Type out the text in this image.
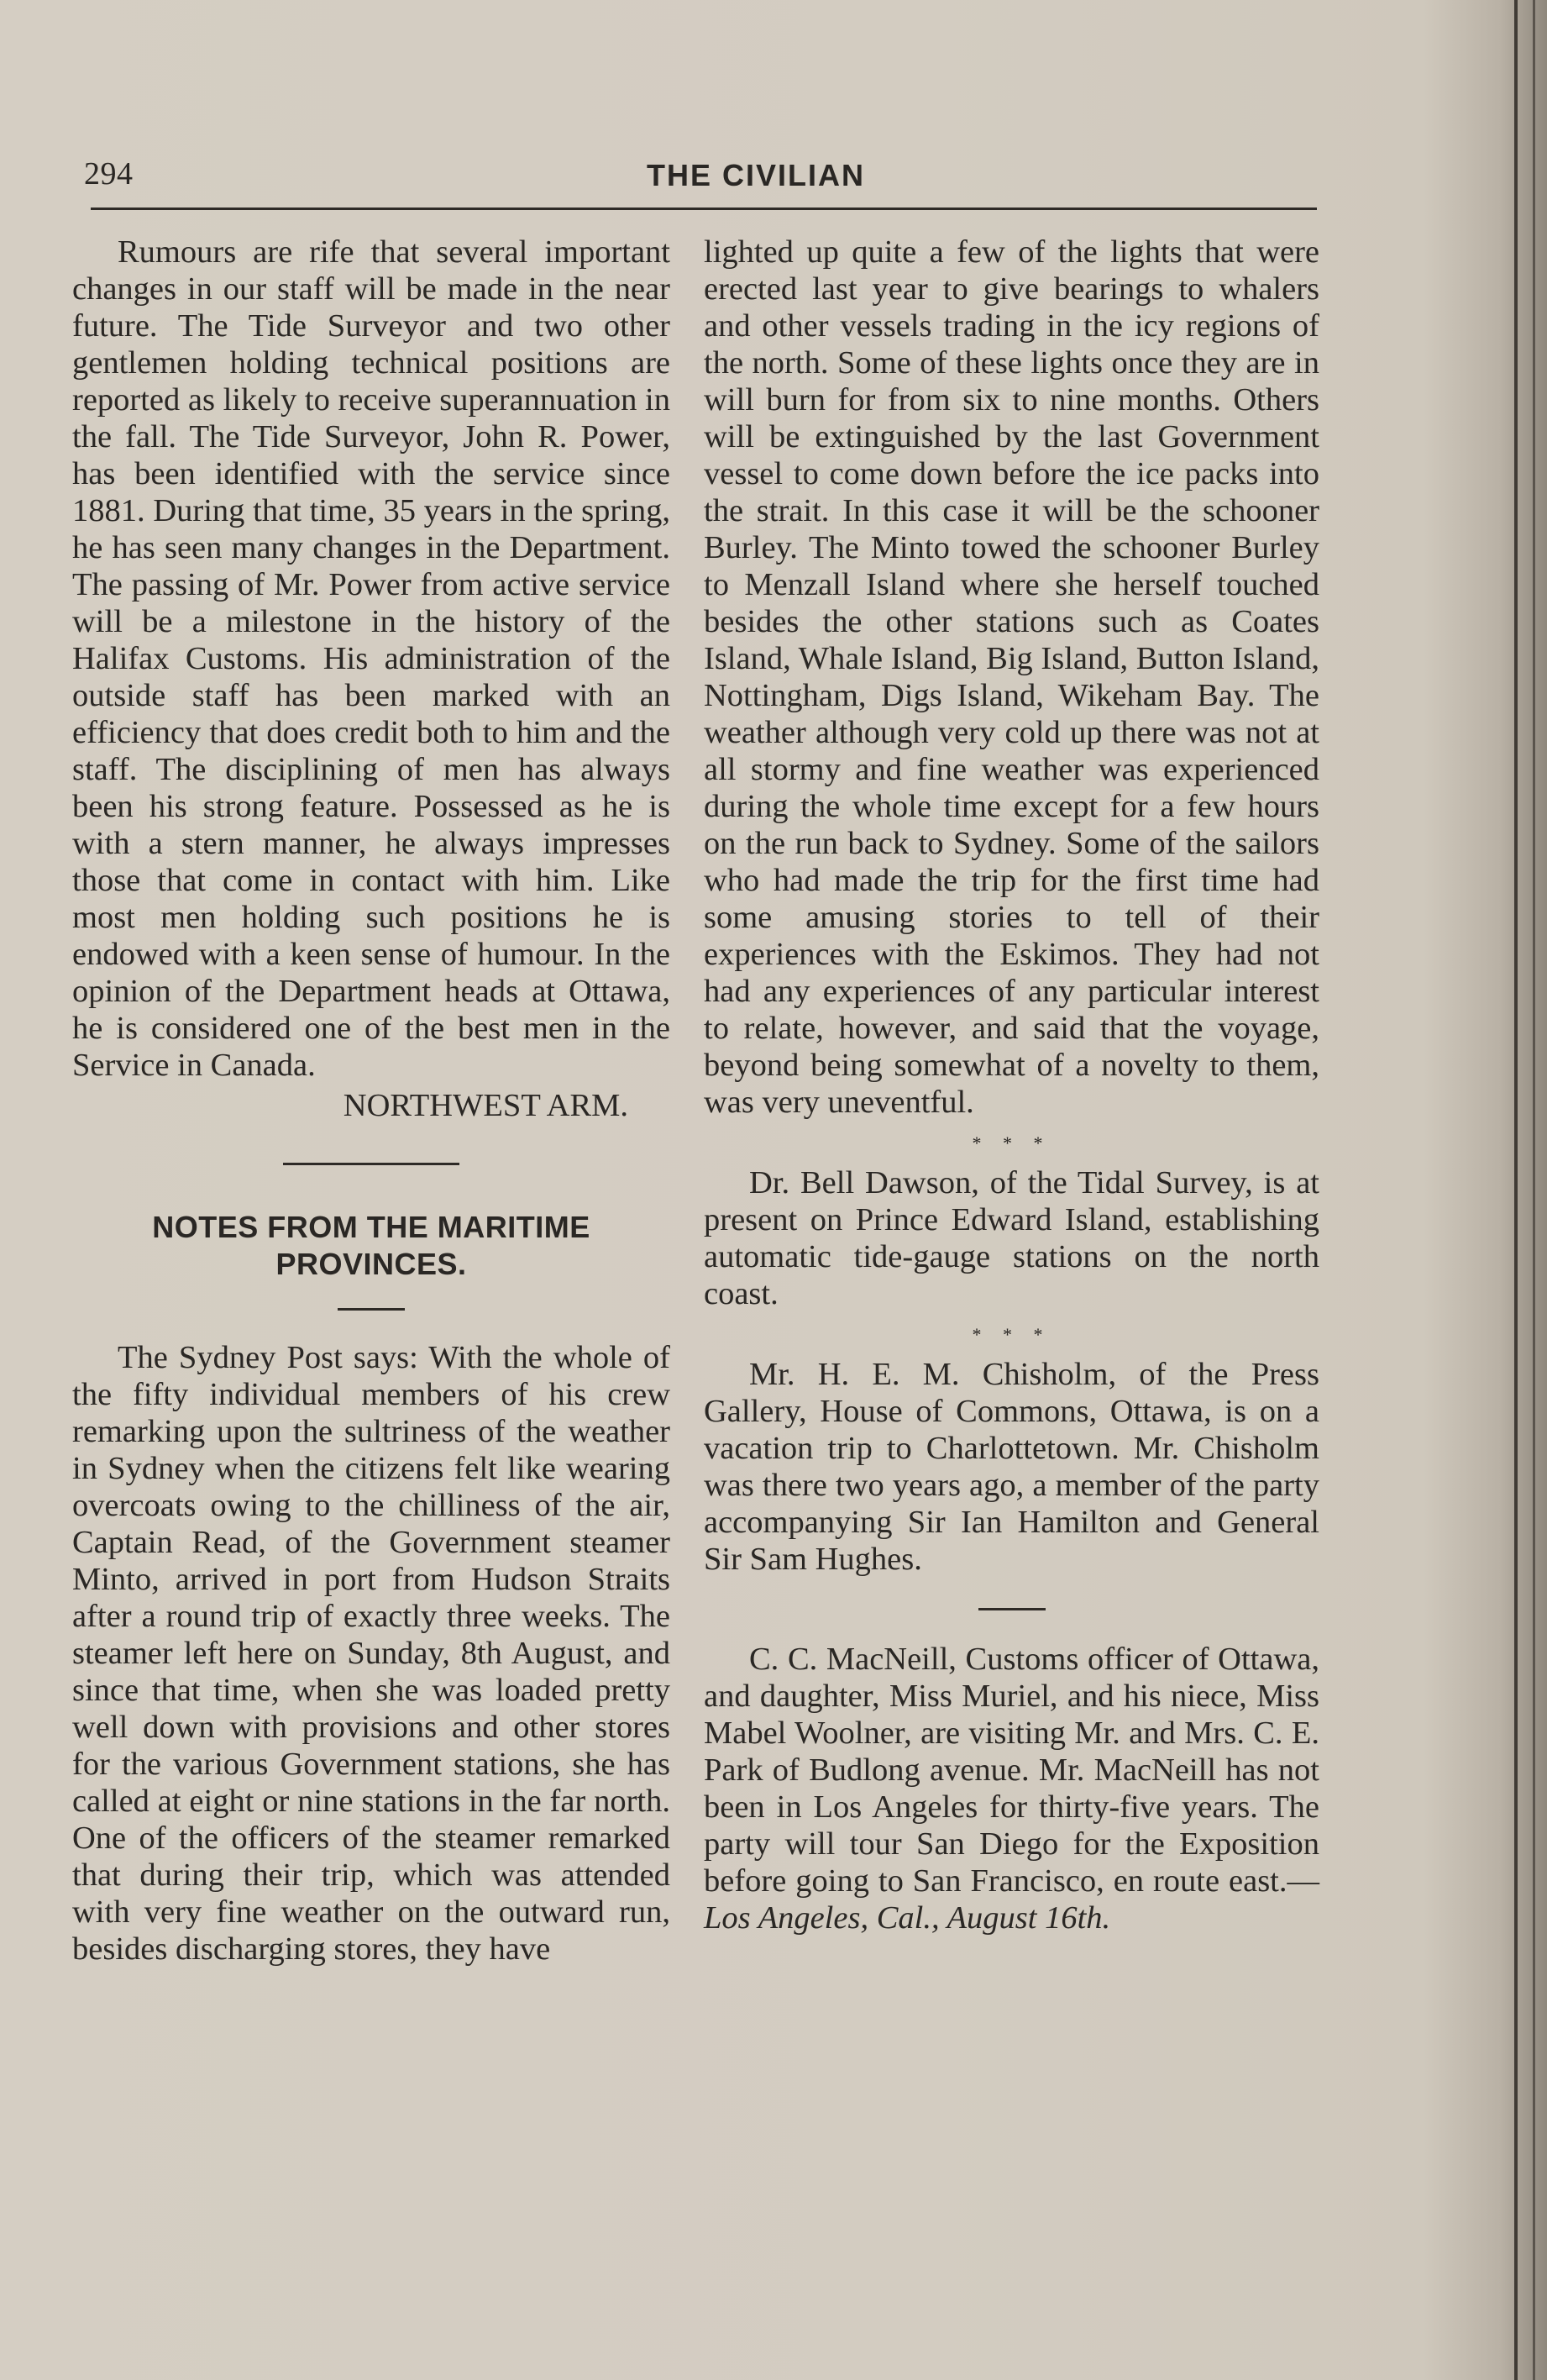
294	THE CIVILIAN

Rumours are rife that several important changes in our staff will be made in the near future. The Tide Surveyor and two other gentlemen holding technical positions are reported as likely to receive superannuation in the fall. The Tide Surveyor, John R. Power, has been identified with the service since 1881. During that time, 35 years in the spring, he has seen many changes in the Department. The passing of Mr. Power from active service will be a milestone in the history of the Halifax Customs. His administration of the outside staff has been marked with an efficiency that does credit both to him and the staff. The disciplining of men has always been his strong feature. Possessed as he is with a stern manner, he always impresses those that come in contact with him. Like most men holding such positions he is endowed with a keen sense of humour. In the opinion of the Department heads at Ottawa, he is considered one of the best men in the Service in Canada.

NORTHWEST ARM.
NOTES FROM THE MARITIME PROVINCES.

The Sydney Post says: With the whole of the fifty individual members of his crew remarking upon the sultriness of the weather in Sydney when the citizens felt like wearing overcoats owing to the chilliness of the air, Captain Read, of the Government steamer Minto, arrived in port from Hudson Straits after a round trip of exactly three weeks. The steamer left here on Sunday, 8th August, and since that time, when she was loaded pretty well down with provisions and other stores for the various Government stations, she has called at eight or nine stations in the far north. One of the officers of the steamer remarked that during their trip, which was attended with very fine weather on the outward run, besides discharging stores, they have

lighted up quite a few of the lights that were erected last year to give bearings to whalers and other vessels trading in the icy regions of the north. Some of these lights once they are in will burn for from six to nine months. Others will be extinguished by the last Government vessel to come down before the ice packs into the strait. In this case it will be the schooner Burley. The Minto towed the schooner Burley to Menzall Island where she herself touched besides the other stations such as Coates Island, Whale Island, Big Island, Button Island, Nottingham, Digs Island, Wikeham Bay. The weather although very cold up there was not at all stormy and fine weather was experienced during the whole time except for a few hours on the run back to Sydney. Some of the sailors who had made the trip for the first time had some amusing stories to tell of their experiences with the Eskimos. They had not had any experiences of any particular interest to relate, however, and said that the voyage, beyond being somewhat of a novelty to them, was very uneventful.

* * *

Dr. Bell Dawson, of the Tidal Survey, is at present on Prince Edward Island, establishing automatic tide-gauge stations on the north coast.

* * *

Mr. H. E. M. Chisholm, of the Press Gallery, House of Commons, Ottawa, is on a vacation trip to Charlottetown. Mr. Chisholm was there two years ago, a member of the party accompanying Sir Ian Hamilton and General Sir Sam Hughes.

C. C. MacNeill, Customs officer of Ottawa, and daughter, Miss Muriel, and his niece, Miss Mabel Woolner, are visiting Mr. and Mrs. C. E. Park of Budlong avenue. Mr. MacNeill has not been in Los Angeles for thirty-five years. The party will tour San Diego for the Exposition before going to San Francisco, en route east.—Los Angeles, Cal., August 16th.
